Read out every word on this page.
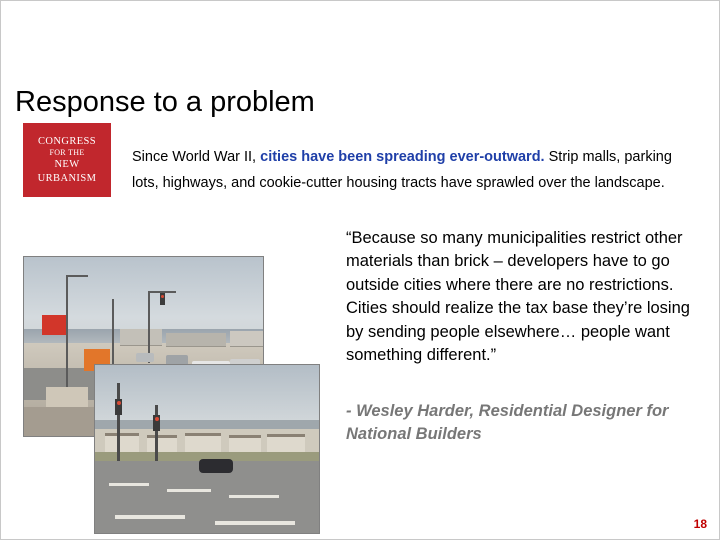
Response to a problem
CONGRESS
FOR THE
NEW
URBANISM

Since World War II, cities have been spreading ever-outward. Strip malls, parking lots, highways, and cookie-cutter housing tracts have sprawled over the landscape.

“Because so many municipalities restrict other materials than brick – developers have to go outside cities where there are no restrictions. Cities should realize the tax base they’re losing by sending people elsewhere… people want something different.”

- Wesley Harder, Residential Designer for National Builders

18
